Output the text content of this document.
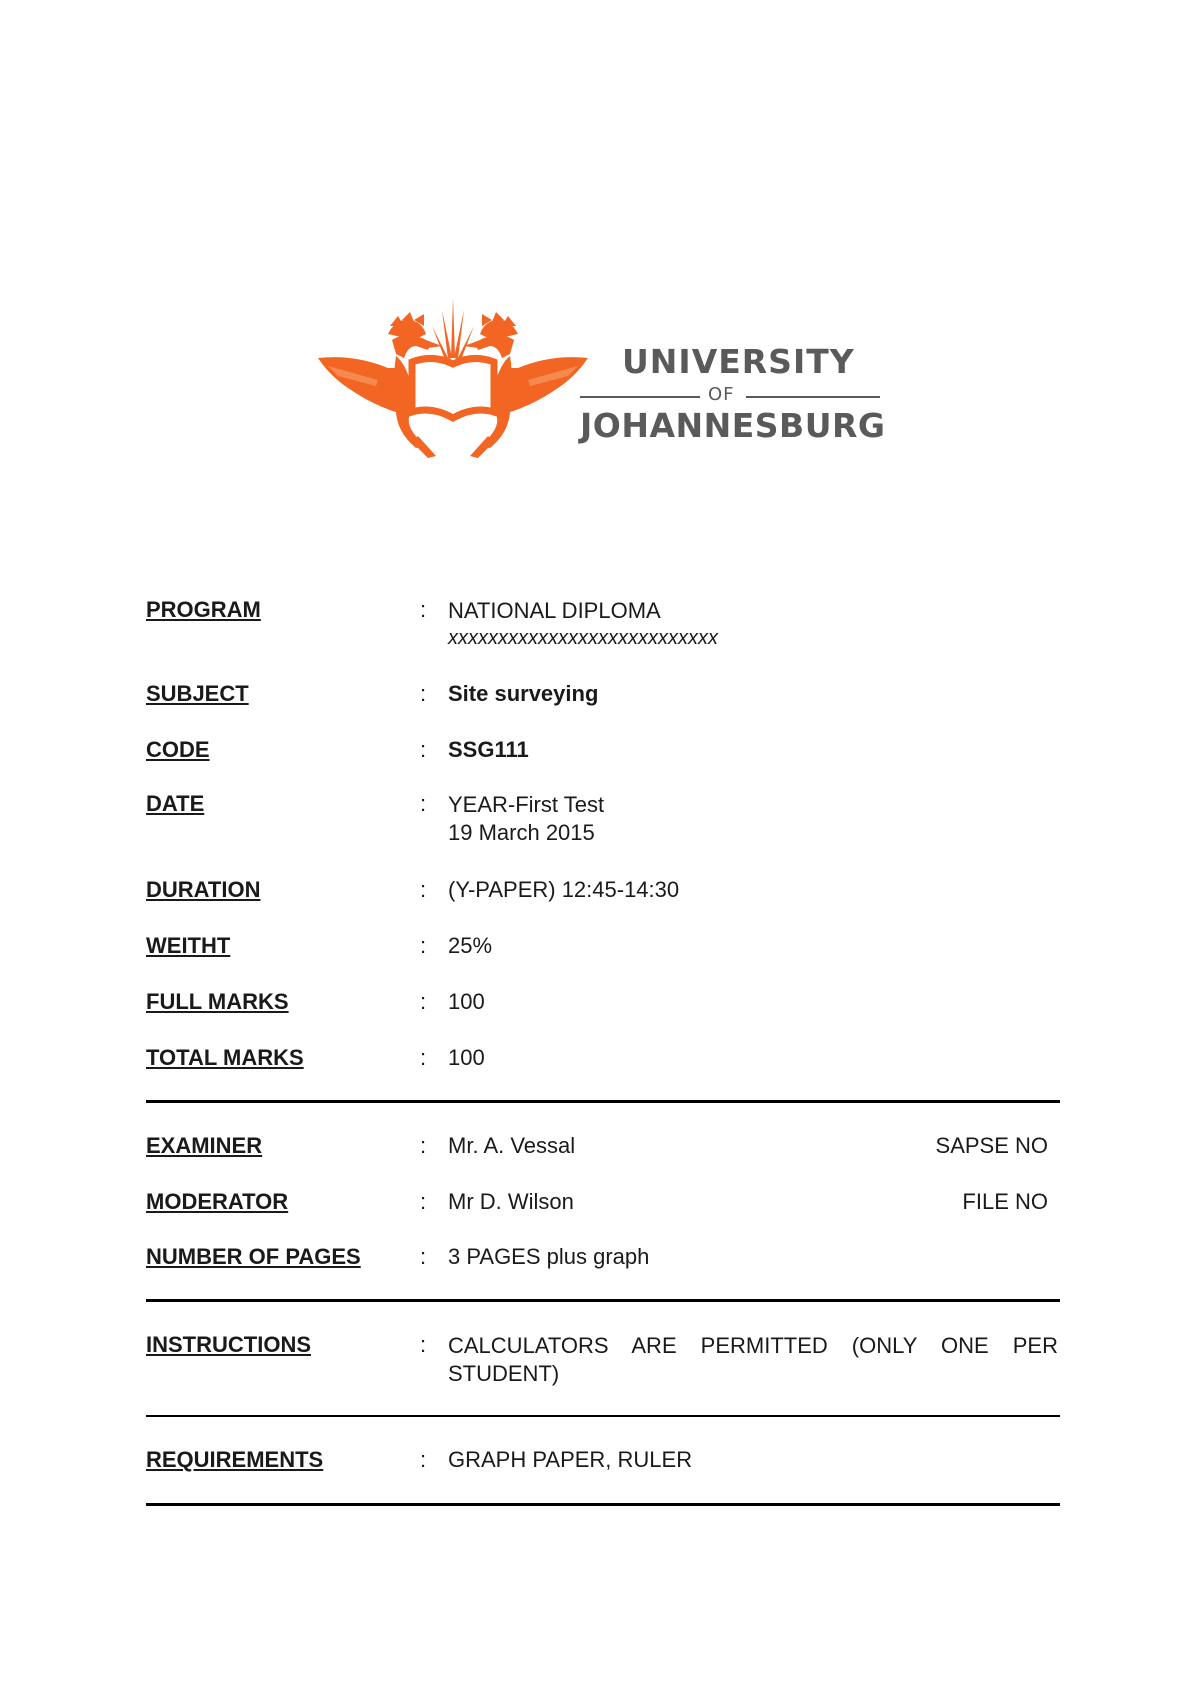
UNIVERSITY
OF
JOHANNESBURG
PROGRAM	: NATIONAL DIPLOMA
xxxxxxxxxxxxxxxxxxxxxxxxxxx
SUBJECT	: Site surveying
CODE	: SSG111
DATE	: YEAR-First Test
19 March 2015
DURATION	: (Y-PAPER) 12:45-14:30
WEITHT	: 25%
FULL MARKS	: 100
TOTAL MARKS	: 100
EXAMINER	: Mr. A. Vessal	SAPSE NO
MODERATOR	: Mr D. Wilson	FILE NO
NUMBER OF PAGES	: 3 PAGES plus graph
INSTRUCTIONS	: CALCULATORS ARE PERMITTED (ONLY ONE PER STUDENT)
REQUIREMENTS	: GRAPH PAPER, RULER
